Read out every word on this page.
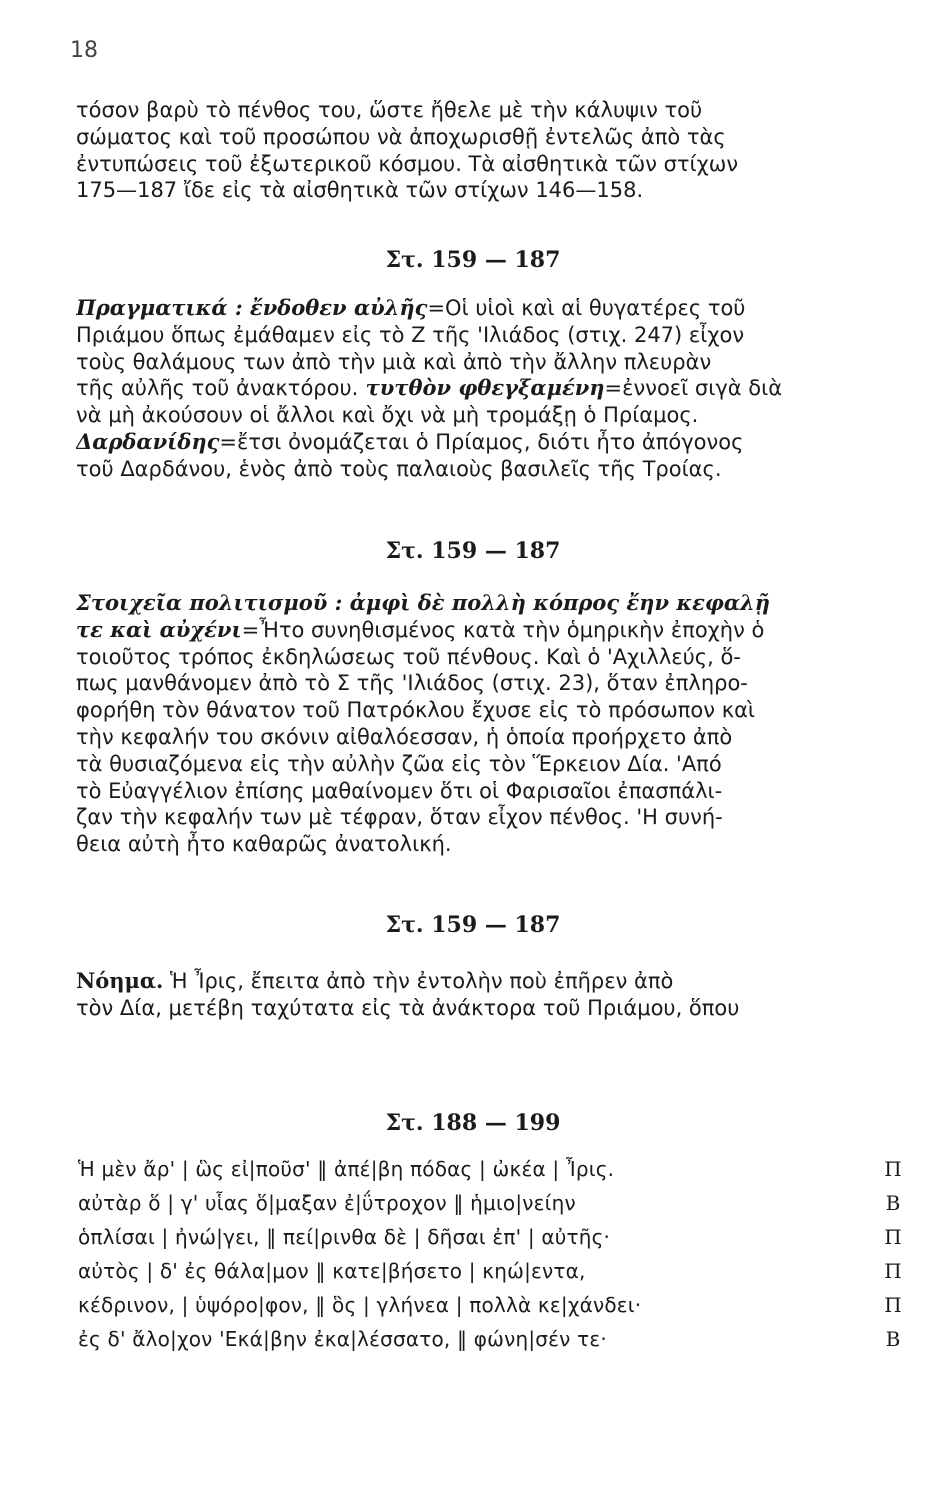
18
τόσον βαρὺ τὸ πένθος του, ὥστε ἤθελε μὲ τὴν κάλυψιν τοῦ
σώματος καὶ τοῦ προσώπου νὰ ἀποχωρισθῇ ἐντελῶς ἀπὸ τὰς
ἐντυπώσεις τοῦ ἐξωτερικοῦ κόσμου. Τὰ αἰσθητικὰ τῶν στίχων
175—187 ἴδε εἰς τὰ αἰσθητικὰ τῶν στίχων 146—158.
Στ. 159 — 187
Πραγματικά : ἔνδοθεν αὐλῆς=Οἱ υἱοὶ καὶ αἱ θυγατέρες τοῦ
Πριάμου ὅπως ἐμάθαμεν εἰς τὸ Ζ τῆς 'Ιλιάδος (στιχ. 247) εἶχον
τοὺς θαλάμους των ἀπὸ τὴν μιὰ καὶ ἀπὸ τὴν ἄλλην πλευρὰν
τῆς αὐλῆς τοῦ ἀνακτόρου. τυτθὸν φθεγξαμένη=ἐννοεῖ σιγὰ διὰ
νὰ μὴ ἀκούσουν οἱ ἄλλοι καὶ ὄχι νὰ μὴ τρομάξῃ ὁ Πρίαμος.
Δαρδανίδης=ἔτσι ὀνομάζεται ὁ Πρίαμος, διότι ἦτο ἀπόγονος
τοῦ Δαρδάνου, ἑνὸς ἀπὸ τοὺς παλαιοὺς βασιλεῖς τῆς Τροίας.
Στ. 159 — 187
Στοιχεῖα πολιτισμοῦ : ἀμφὶ δὲ πολλὴ κόπρος ἔην κεφαλῇ
τε καὶ αὐχένι=Ἦτο συνηθισμένος κατὰ τὴν ὁμηρικὴν ἐποχὴν ὁ
τοιοῦτος τρόπος ἐκδηλώσεως τοῦ πένθους. Καὶ ὁ 'Αχιλλεύς, ὅ-
πως μανθάνομεν ἀπὸ τὸ Σ τῆς 'Ιλιάδος (στιχ. 23), ὅταν ἐπληρο-
φορήθη τὸν θάνατον τοῦ Πατρόκλου ἔχυσε εἰς τὸ πρόσωπον καὶ
τὴν κεφαλήν του σκόνιν αἰθαλόεσσαν, ἡ ὁποία προήρχετο ἀπὸ
τὰ θυσιαζόμενα εἰς τὴν αὐλὴν ζῶα εἰς τὸν Ἕρκειον Δία. 'Από
τὸ Εὐαγγέλιον ἐπίσης μαθαίνομεν ὅτι οἱ Φαρισαῖοι ἐπασπάλι-
ζαν τὴν κεφαλήν των μὲ τέφραν, ὅταν εἶχον πένθος. 'Η συνή-
θεια αὐτὴ ἦτο καθαρῶς ἀνατολική.
Στ. 159 — 187
Νόημα. Ἡ Ἶρις, ἔπειτα ἀπὸ τὴν ἐντολὴν ποὺ ἐπῆρεν ἀπὸ
τὸν Δία, μετέβη ταχύτατα εἰς τὰ ἀνάκτορα τοῦ Πριάμου, ὅπου
Στ. 188 — 199
Ἡ μὲν ἄρ' | ὣς εἰ|ποῦσ' ‖ ἀπέ|βη πόδας | ὠκέα | Ἶρις.	Π
αὐτὰρ ὅ | γ' υἷας ὅ|μαξαν ἐ|ΰτροχον ‖ ἡμιο|νείην	Β
ὁπλίσαι | ἠνώ|γει, ‖ πεί|ρινθα δὲ | δῆσαι ἐπ' | αὐτῆς·	Π
αὐτὸς | δ' ἐς θάλα|μον ‖ κατε|βήσετο | κηώ|εντα,	Π
κέδρινον, | ὑψόρο|φον, ‖ ὃς | γλήνεα | πολλὰ κε|χάνδει·	Π
ἐς δ' ἄλο|χον 'Εκά|βην ἐκα|λέσσατο, ‖ φώνη|σέν τε·	Β
